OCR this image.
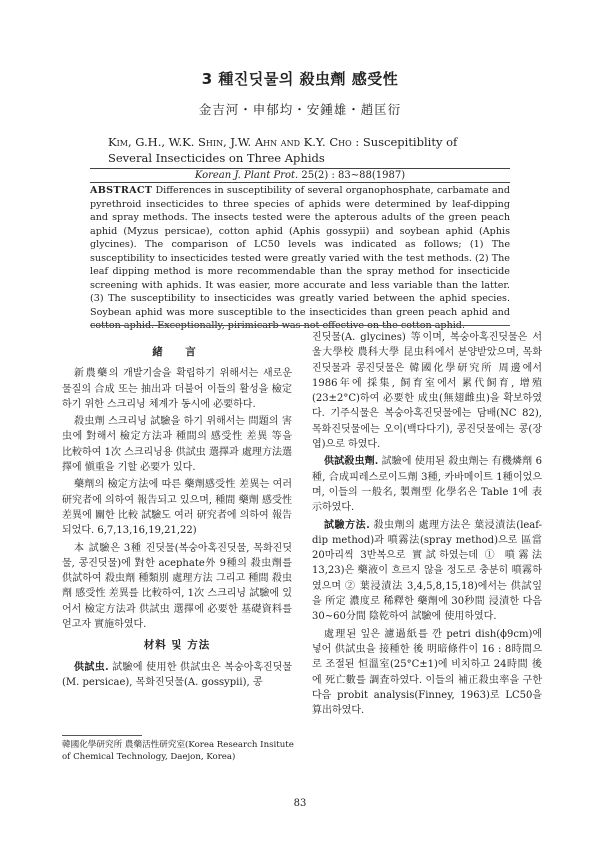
3 種진딧물의 殺虫劑 感受性
金吉河・申郁均・安鍾雄・趙匡衍
Kim, G.H., W.K. Shin, J.W. Ahn and K.Y. Cho : Suscepitiblity of Several Insecticides on Three Aphids
Korean J. Plant Prot. 25(2) : 83∼88(1987)
ABSTRACT Differences in susceptibility of several organophosphate, carbamate and pyrethroid insecticides to three species of aphids were determined by leaf-dipping and spray methods. The insects tested were the apterous adults of the green peach aphid (Myzus persicae), cotton aphid (Aphis gossypii) and soybean aphid (Aphis glycines). The comparison of LC50 levels was indicated as follows; (1) The susceptibility to insecticides tested were greatly varied with the test methods. (2) The leaf dipping method is more recommendable than the spray method for insecticide screening with aphids. It was easier, more accurate and less variable than the latter. (3) The susceptibility to insecticides was greatly varied between the aphid species. Soybean aphid was more susceptible to the insecticides than green peach aphid and cotton aphid. Exceptionally, pirimicarb was not effective on the cotton aphid.
緒　言

新農藥의 개발기술을 확립하기 위해서는 새로운 물질의 合成 또는 抽出과 더불어 이들의 활성을 檢定하기 위한 스크리닝 체계가 동시에 必要하다.

殺虫劑 스크리닝 試驗을 하기 위해서는 問題의 害虫에 對해서 檢定方法과 種間의 感受性 差異 等을 比較하여 1次 스크리닝용 供試虫 選擇과 處理方法選擇에 愼重을 기할 必要가 있다.

藥劑의 檢定方法에 따른 藥劑感受性 差異는 여러 研究者에 의하여 報告되고 있으며, 種間 藥劑 感受性 差異에 關한 比較 試驗도 여러 研究者에 의하여 報告되었다. 6,7,13,16,19,21,22)

本 試驗은 3種 진딧물(복숭아혹진딧물, 목화진딧물, 콩진딧물)에 對한 acephate外 9種의 殺虫劑를 供試하여 殺虫劑 種類別 處理方法 그리고 種間 殺虫劑 感受性 差異를 比較하여, 1次 스크리닝 試驗에 있어서 檢定方法과 供試虫 選擇에 必要한 基礎資料를 얻고자 實施하였다.

材料 및 方法

供試虫. 試驗에 使用한 供試虫은 복숭아혹진딧물(M. persicae), 목화진딧물(A. gossypii), 콩

진딧물(A. glycines) 等이며, 복숭아혹진딧물은 서울大學校 農科大學 昆虫科에서 분양받았으며, 목화진딧물과 콩진딧물은 韓國化學研究所 周邊에서 1986年에 採集, 飼育室에서 累代飼育, 增殖(23±2°C)하여 必要한 成虫(無翅雌虫)을 확보하였다. 기주식물은 복숭아혹진딧물에는 담배(NC 82), 목화진딧물에는 오이(백다다기), 콩진딧물에는 콩(장엽)으로 하였다.

供試殺虫劑. 試驗에 使用된 殺虫劑는 有機燐劑 6種, 合成피레스로이드劑 3種, 카바메이트 1種이었으며, 이들의 一般名, 製劑型 化學名은 Table 1에 表示하였다.

試驗方法. 殺虫劑의 處理方法은 葉浸漬法(leaf-dip method)과 噴霧法(spray method)으로 區當 20마리씩 3반복으로 實試하였는데 ① 噴霧法 13,23)은 藥液이 흐르지 않을 정도로 충분히 噴霧하였으며 ② 葉浸漬法 3,4,5,8,15,18)에서는 供試잎을 所定 濃度로 稀釋한 藥劑에 30秒間 浸漬한 다음 30∼60分間 陰乾하여 試驗에 使用하였다.

處理된 잎은 濾過紙를 깐 petri dish(ϕ9cm)에 넣어 供試虫을 接種한 後 明暗條件이 16 : 8時間으로 조절된 恒溫室(25°C±1)에 비치하고 24時間 後에 死亡數를 調査하였다. 이들의 補正殺虫率을 구한 다음 probit analysis(Finney, 1963)로 LC50을 算出하였다.

韓國化學研究所 農藥活性研究室(Korea Research Insitute of Chemical Technology, Daejon, Korea)
83
